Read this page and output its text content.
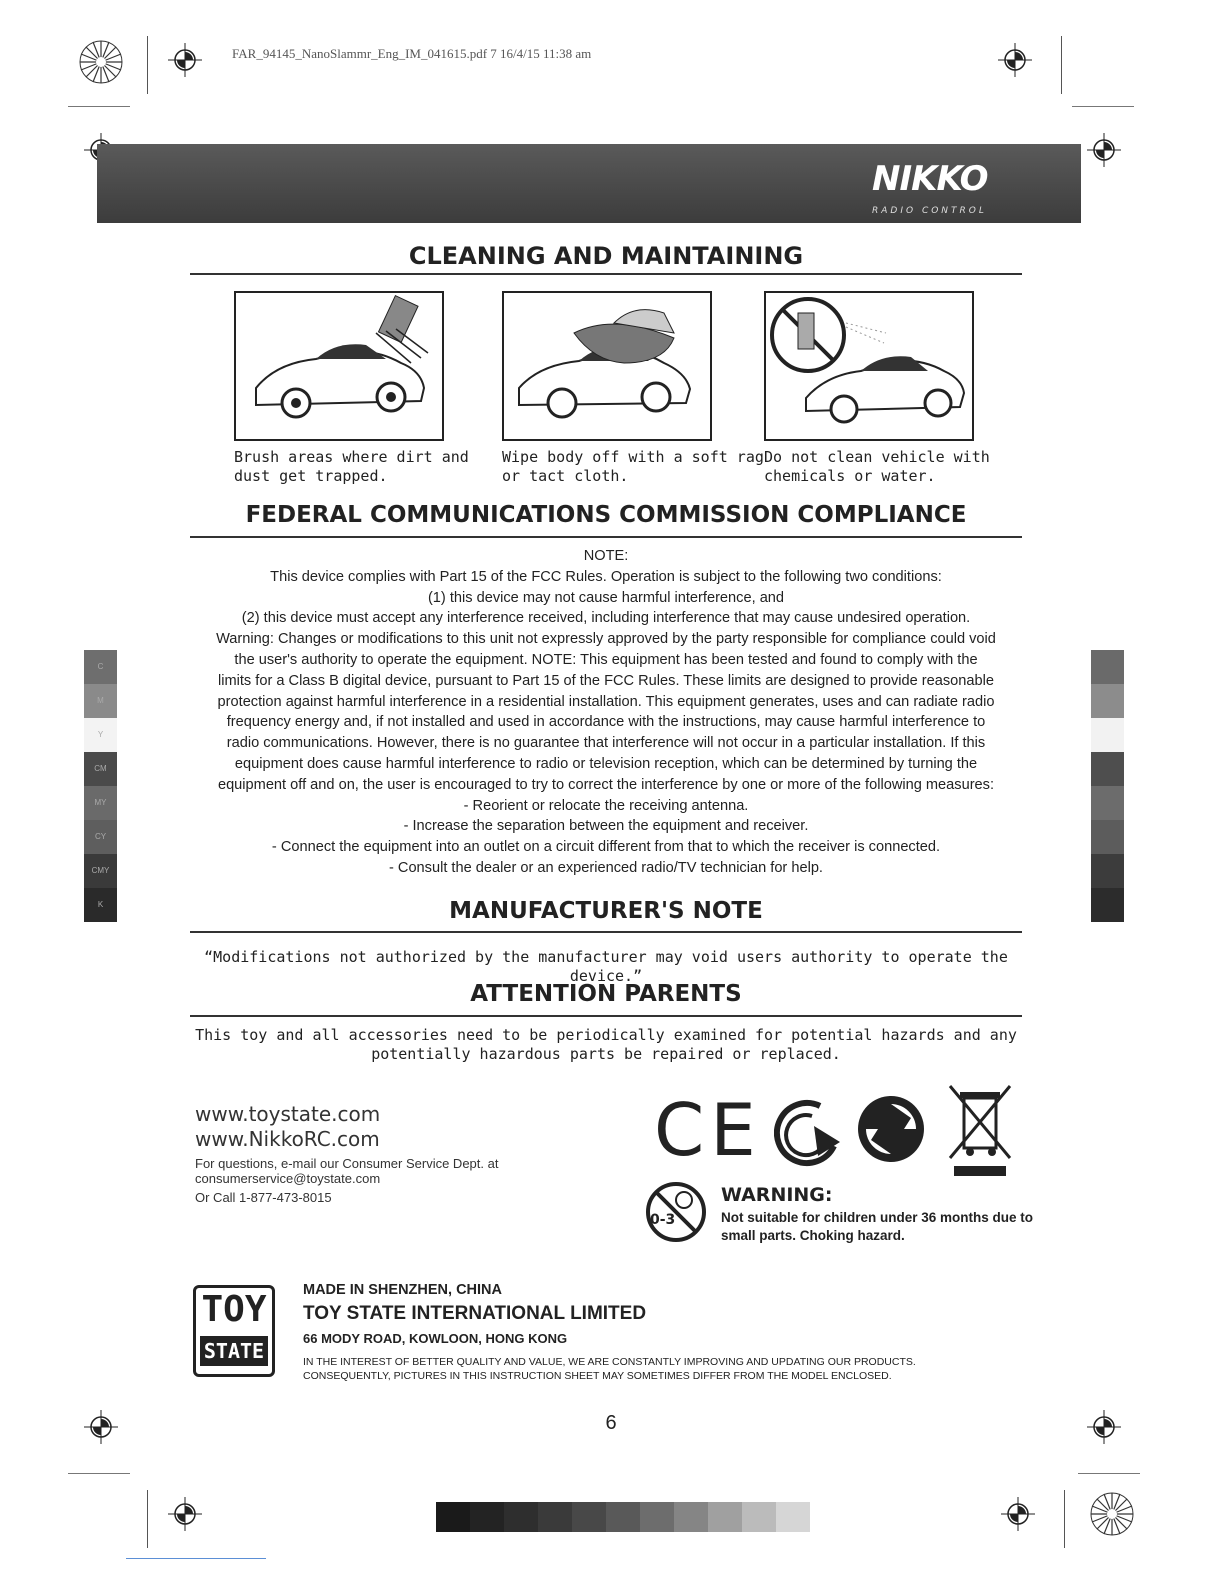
FAR_94145_NanoSlammr_Eng_IM_041615.pdf 7 16/4/15 11:38 am
NIKKO
RADIO CONTROL
CLEANING AND MAINTAINING
Brush areas where dirt and
dust get trapped.
Wipe body off with a soft rag
or tact cloth.
Do not clean vehicle with
chemicals or water.
FEDERAL COMMUNICATIONS COMMISSION COMPLIANCE
NOTE:
This device complies with Part 15 of the FCC Rules. Operation is subject to the following two conditions:
(1) this device may not cause harmful interference, and
(2) this device must accept any interference received, including interference that may cause undesired operation.
Warning: Changes or modifications to this unit not expressly approved by the party responsible for compliance could void
the user's authority to operate the equipment. NOTE: This equipment has been tested and found to comply with the
limits for a Class B digital device, pursuant to Part 15 of the FCC Rules. These limits are designed to provide reasonable
protection against harmful interference in a residential installation. This equipment generates, uses and can radiate radio
frequency energy and, if not installed and used in accordance with the instructions, may cause harmful interference to
radio communications. However, there is no guarantee that interference will not occur in a particular installation. If this
equipment does cause harmful interference to radio or television reception, which can be determined by turning the
equipment off and on, the user is encouraged to try to correct the interference by one or more of the following measures:
- Reorient or relocate the receiving antenna.
- Increase the separation between the equipment and receiver.
- Connect the equipment into an outlet on a circuit different from that to which the receiver is connected.
- Consult the dealer or an experienced radio/TV technician for help.
MANUFACTURER'S NOTE
“Modifications not authorized by the manufacturer may void users authority to operate the device.”
ATTENTION PARENTS
This toy and all accessories need to be periodically examined for potential hazards and any
potentially hazardous parts be repaired or replaced.
www.toystate.com
www.NikkoRC.com
For questions, e-mail our Consumer Service Dept. at
consumerservice@toystate.com
Or Call 1-877-473-8015
CE
0-3
WARNING:
Not suitable for children under 36 months due to
small parts. Choking hazard.
TOY
STATE
MADE IN SHENZHEN, CHINA
TOY STATE INTERNATIONAL LIMITED
66 MODY ROAD, KOWLOON, HONG KONG
IN THE INTEREST OF BETTER QUALITY AND VALUE, WE ARE CONSTANTLY IMPROVING AND UPDATING OUR PRODUCTS.
CONSEQUENTLY, PICTURES IN THIS INSTRUCTION SHEET MAY SOMETIMES DIFFER FROM THE MODEL ENCLOSED.
6
C
M
Y
CM
MY
CY
CMY
K
